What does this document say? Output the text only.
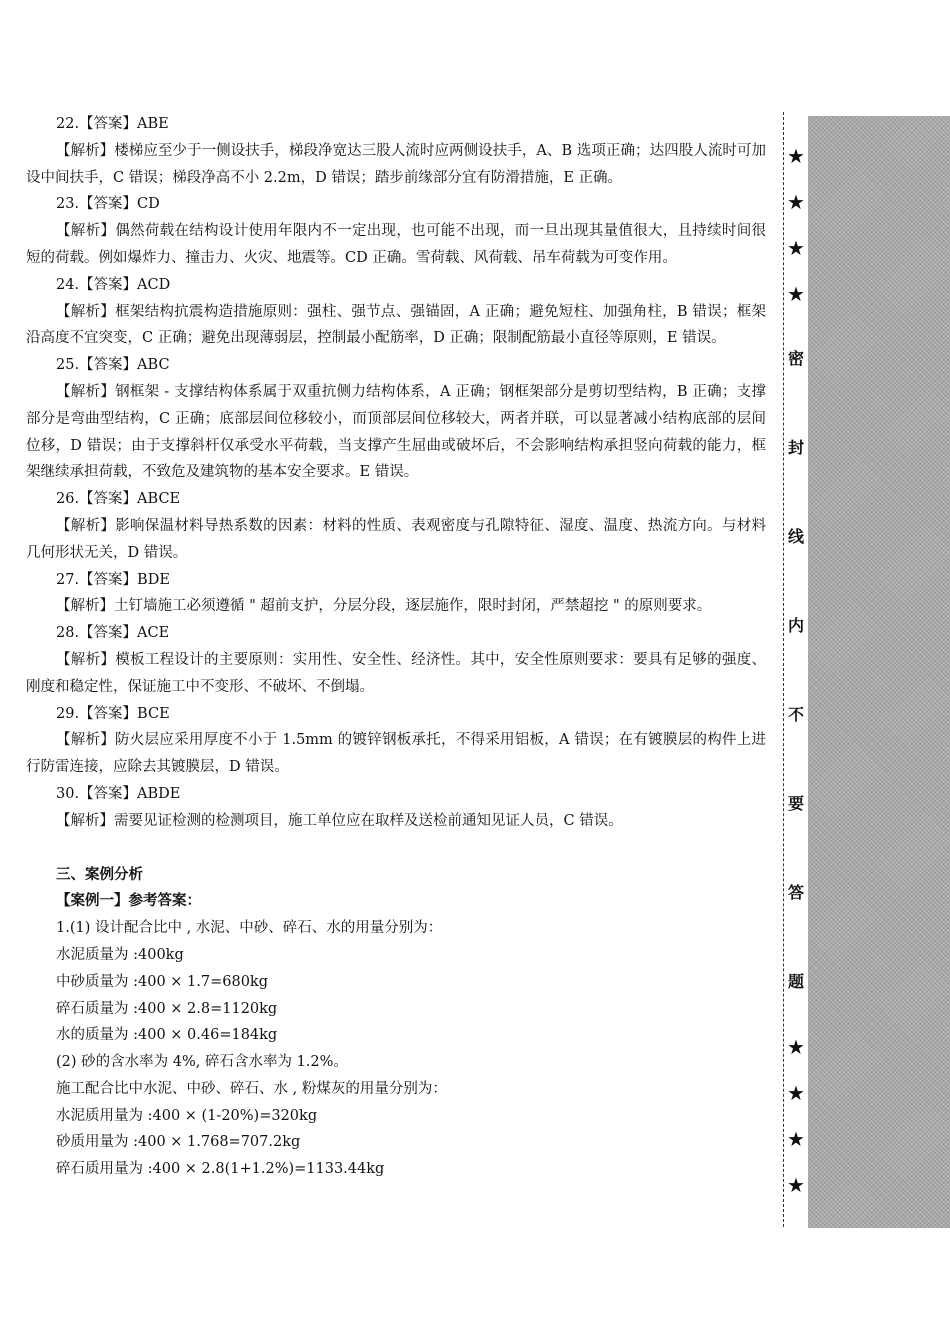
22.【答案】ABE
【解析】楼梯应至少于一侧设扶手，梯段净宽达三股人流时应两侧设扶手，A、B 选项正确；达四股人流时可加设中间扶手，C 错误；梯段净高不小 2.2m，D 错误；踏步前缘部分宜有防滑措施，E 正确。
23.【答案】CD
【解析】偶然荷载在结构设计使用年限内不一定出现，也可能不出现，而一旦出现其量值很大，且持续时间很短的荷载。例如爆炸力、撞击力、火灾、地震等。CD 正确。雪荷载、风荷载、吊车荷载为可变作用。
24.【答案】ACD
【解析】框架结构抗震构造措施原则：强柱、强节点、强锚固，A 正确；避免短柱、加强角柱，B 错误；框架沿高度不宜突变，C 正确；避免出现薄弱层，控制最小配筋率，D 正确；限制配筋最小直径等原则，E 错误。
25.【答案】ABC
【解析】钢框架 - 支撑结构体系属于双重抗侧力结构体系，A 正确；钢框架部分是剪切型结构，B 正确；支撑部分是弯曲型结构，C 正确；底部层间位移较小，而顶部层间位移较大，两者并联，可以显著减小结构底部的层间位移，D 错误；由于支撑斜杆仅承受水平荷载，当支撑产生屈曲或破坏后，不会影响结构承担竖向荷载的能力，框架继续承担荷载，不致危及建筑物的基本安全要求。E 错误。
26.【答案】ABCE
【解析】影响保温材料导热系数的因素：材料的性质、表观密度与孔隙特征、湿度、温度、热流方向。与材料几何形状无关，D 错误。
27.【答案】BDE
【解析】土钉墙施工必须遵循 " 超前支护，分层分段，逐层施作，限时封闭，严禁超挖 " 的原则要求。
28.【答案】ACE
【解析】模板工程设计的主要原则：实用性、安全性、经济性。其中，安全性原则要求：要具有足够的强度、刚度和稳定性，保证施工中不变形、不破坏、不倒塌。
29.【答案】BCE
【解析】防火层应采用厚度不小于 1.5mm 的镀锌钢板承托，不得采用铝板，A 错误；在有镀膜层的构件上进行防雷连接，应除去其镀膜层，D 错误。
30.【答案】ABDE
【解析】需要见证检测的检测项目，施工单位应在取样及送检前通知见证人员，C 错误。
三、案例分析
【案例一】参考答案：
1.(1) 设计配合比中 , 水泥、中砂、碎石、水的用量分别为：
水泥质量为 :400kg
中砂质量为 :400 × 1.7=680kg
碎石质量为 :400 × 2.8=1120kg
水的质量为 :400 × 0.46=184kg
(2) 砂的含水率为 4%, 碎石含水率为 1.2%。
施工配合比中水泥、中砂、碎石、水 , 粉煤灰的用量分别为：
水泥质用量为 :400 × (1-20%)=320kg
砂质用量为 :400 × 1.768=707.2kg
碎石质用量为 :400 × 2.8(1+1.2%)=1133.44kg
★
★
★
★
密
封
线
内
不
要
答
题
★
★
★
★
